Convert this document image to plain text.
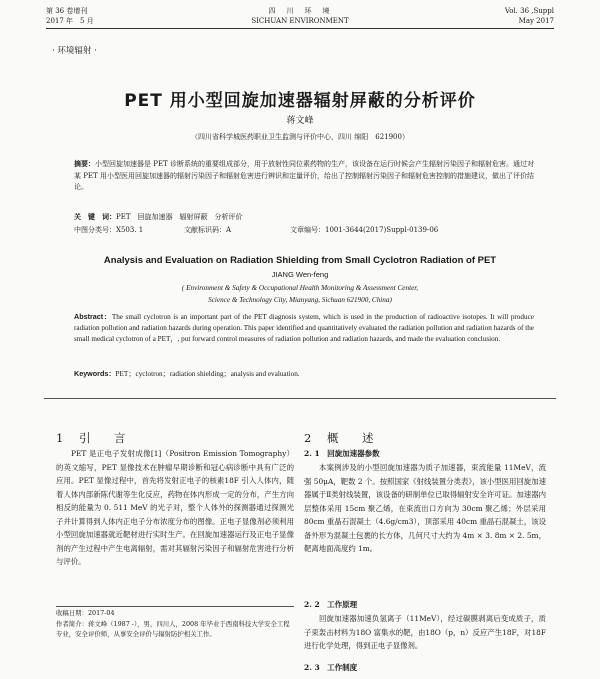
第 36 卷增刊
2017 年　5 月
四　川　环　境
SICHUAN ENVIRONMENT
Vol. 36 ,Suppl
May 2017
· 环境辐射 ·
PET 用小型回旋加速器辐射屏蔽的分析评价
蒋文峰
（四川省科学城医药职业卫生监测与评价中心，四川 绵阳　621900）
摘要：小型回旋加速器是 PET 诊断系统的重要组成部分，用于放射性同位素药物的生产，该设备在运行时候会产生辐射污染因子和辐射危害。通过对某 PET 用小型医用回旋加速器的辐射污染因子和辐射危害进行辨识和定量评价，给出了控制辐射污染因子和辐射危害控制的措施建议，做出了评价结论。
关　键　词：PET　回旋加速器　辐射屏蔽　分析评价
中图分类号：X503. 1	文献标识码：A	文章编号：1001-3644(2017)Suppl-0139-06
Analysis and Evaluation on Radiation Shielding from Small Cyclotron Radiation of PET
JIANG Wen-feng
( Environment & Safety & Occupational Health Monitoring & Assessment Center,
Science & Technology City, Mianyang, Sichuan 621900, China)
Abstract：The small cyclotron is an important part of the PET diagnosis system, which is used in the production of radioactive isotopes. It will produce radiation pollution and radiation hazards during operation. This paper identified and quantitatively evaluated the radiation pollution and radiation hazards of the small medical cyclotron of a PET，, put forward control measures of radiation pollution and radiation hazards, and made the evaluation conclusion.
Keywords：PET；cyclotron；radiation shielding；analysis and evaluation.
1 引　言
PET 是正电子发射成像[1]（Positron Emission Tomography）的英文缩写，PET 显像技术在肿瘤早期诊断和冠心病诊断中具有广泛的应用。PET 显像过程中，首先将发射正电子的核素18F 引入人体内，随着人体内部新陈代谢等生化反应，药物在体内形成一定的分布，产生方向相反的能量为 0. 511 MeV 的光子对，整个人体外的探测器通过探测光子并计算得到人体内正电子分布浓度分布的图像。正电子显像剂必须利用小型回旋加速器就近靶材进行实时生产。在回旋加速器运行及正电子显像剂的产生过程中产生电离辐射，需对其辐射污染因子和辐射危害进行分析与评价。
收稿日期：2017-04
作者简介：蒋文峰（1987 -），男，四川人，2008 年毕业于西南科技大学安全工程专业，安全评价师，从事安全评价与辐射防护相关工作。
2 概　述
2. 1　回旋加速器参数
本案例涉及的小型回旋加速器为质子加速器，束流能量 11MeV，流强 50μA，靶数 2 个。按照国家《射线装置分类表》，该小型医用回旋加速器属于Ⅱ类射线装置，该设备的研制单位已取得辐射安全许可证。加速器内层整体采用 15cm 聚乙烯，在束流出口方向为 30cm 聚乙烯；外层采用 80cm 重晶石混凝土（4.6g/cm3），顶部采用 40cm 重晶石混凝土，该设备外形为混凝土包裹的长方体，几何尺寸大约为 4m × 3. 8m × 2. 5m，靶离地面高度约 1m。
2. 2　工作原理
回旋加速器加速负氢离子（11MeV），经过碳膜剥离后变成质子，质子束轰击材料为18O 富集水的靶，由18O（p，n）反应产生18F，对18F 进行化学处理，得到正电子显像剂。
2. 3　工作制度
